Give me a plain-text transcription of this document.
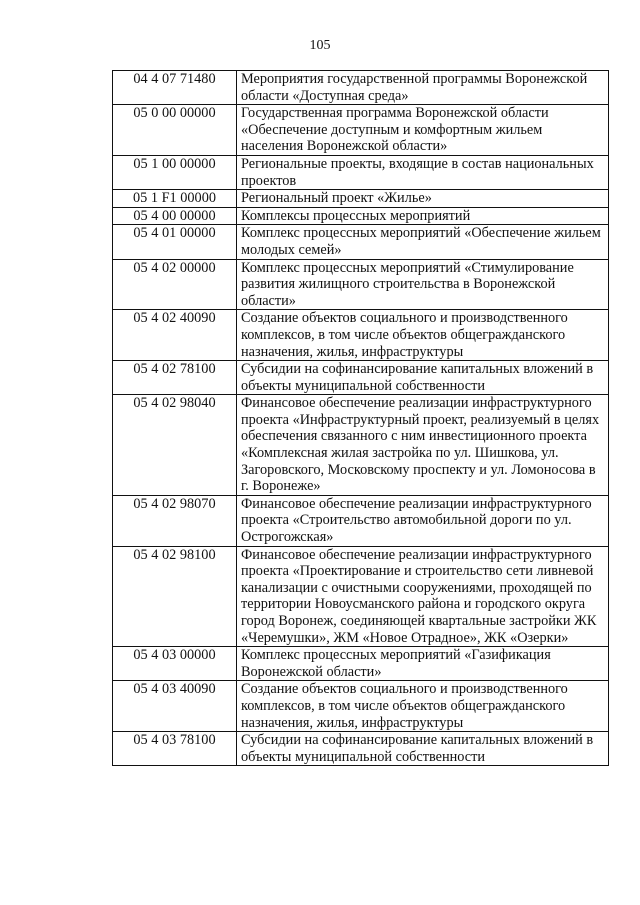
105
04 4 07 71480	Мероприятия государственной программы Воронежской области «Доступная среда»
05 0 00 00000	Государственная программа Воронежской области «Обеспечение доступным и комфортным жильем населения Воронежской области»
05 1 00 00000	Региональные проекты, входящие в состав национальных проектов
05 1 F1 00000	Региональный проект «Жилье»
05 4 00 00000	Комплексы процессных мероприятий
05 4 01 00000	Комплекс процессных мероприятий «Обеспечение жильем молодых семей»
05 4 02 00000	Комплекс процессных мероприятий «Стимулирование развития жилищного строительства в Воронежской области»
05 4 02 40090	Создание объектов социального и производственного комплексов, в том числе объектов общегражданского назначения, жилья, инфраструктуры
05 4 02 78100	Субсидии на софинансирование капитальных вложений в объекты муниципальной собственности
05 4 02 98040	Финансовое обеспечение реализации инфраструктурного проекта «Инфраструктурный проект, реализуемый в целях обеспечения связанного с ним инвестиционного проекта «Комплексная жилая застройка по ул. Шишкова, ул. Загоровского, Московскому проспекту и ул. Ломоносова в г. Воронеже»
05 4 02 98070	Финансовое обеспечение реализации инфраструктурного проекта «Строительство автомобильной дороги по ул. Острогожская»
05 4 02 98100	Финансовое обеспечение реализации инфраструктурного проекта «Проектирование и строительство сети ливневой канализации с очистными сооружениями, проходящей по территории Новоусманского района и городского округа город Воронеж, соединяющей квартальные застройки ЖК «Черемушки», ЖМ «Новое Отрадное», ЖК «Озерки»
05 4 03 00000	Комплекс процессных мероприятий «Газификация Воронежской области»
05 4 03 40090	Создание объектов социального и производственного комплексов, в том числе объектов общегражданского назначения, жилья, инфраструктуры
05 4 03 78100	Субсидии на софинансирование капитальных вложений в объекты муниципальной собственности
